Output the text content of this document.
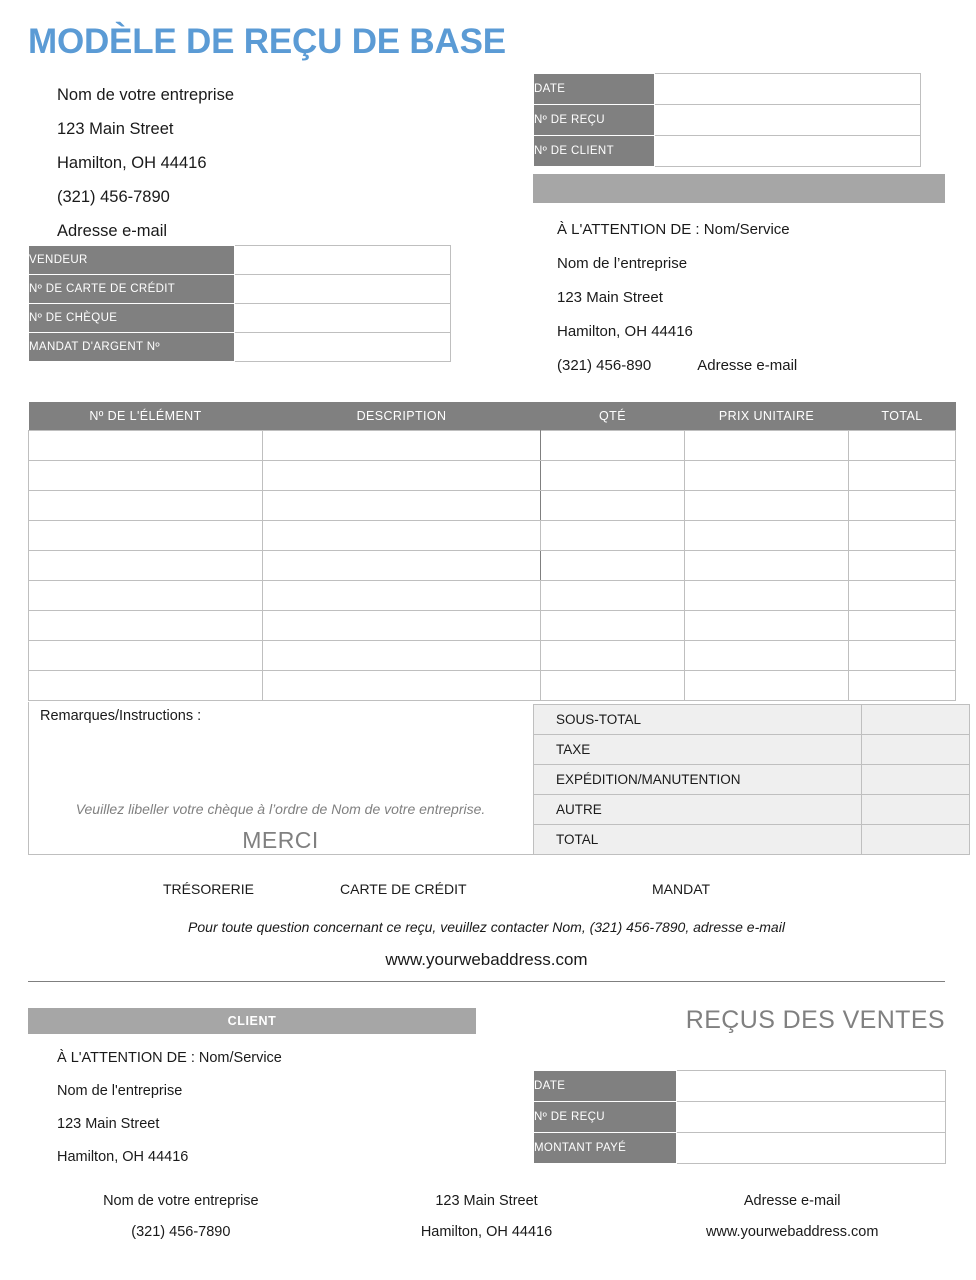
MODÈLE DE REÇU DE BASE
Nom de votre entreprise
123 Main Street
Hamilton, OH 44416
(321) 456-7890
Adresse e-mail
DATE	
Nº DE REÇU	
Nº DE CLIENT	
À L'ATTENTION DE : Nom/Service
Nom de l’entreprise
123 Main Street
Hamilton, OH 44416
(321) 456-890	Adresse e-mail
VENDEUR	
Nº DE CARTE DE CRÉDIT	
Nº DE CHÈQUE	
MANDAT D'ARGENT Nº	
Nº DE L'ÉLÉMENT	DESCRIPTION	QTÉ	PRIX UNITAIRE	TOTAL

Remarques/Instructions :
Veuillez libeller votre chèque à l’ordre de Nom de votre entreprise.
MERCI
SOUS-TOTAL	
TAXE	
EXPÉDITION/MANUTENTION	
AUTRE	
TOTAL	
TRÉSORERIE	CARTE DE CRÉDIT	MANDAT
Pour toute question concernant ce reçu, veuillez contacter Nom, (321) 456-7890, adresse e-mail
www.yourwebaddress.com
CLIENT	REÇUS DES VENTES
À L'ATTENTION DE : Nom/Service
Nom de l'entreprise
123 Main Street
Hamilton, OH 44416
DATE	
Nº DE REÇU	
MONTANT PAYÉ	
Nom de votre entreprise	123 Main Street	Adresse e-mail
(321) 456-7890	Hamilton, OH 44416	www.yourwebaddress.com
